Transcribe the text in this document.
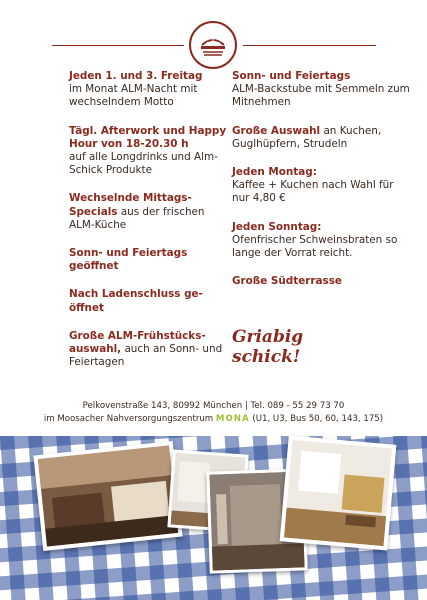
Jeden 1. und 3. Freitag
im Monat ALM-Nacht mit wechselndem Motto
Tägl. Afterwork und Happy Hour von 18-20.30 h
auf alle Longdrinks und Alm-Schick Produkte
Wechselnde Mittags-Specials aus der frischen ALM-Küche
Sonn- und Feiertags geöffnet
Nach Ladenschluss ge-öffnet
Große ALM-Frühstücks-auswahl, auch an Sonn- und Feiertagen
Sonn- und Feiertags
ALM-Backstube mit Semmeln zum Mitnehmen
Große Auswahl an Kuchen, Guglhüpfern, Strudeln
Jeden Montag:
Kaffee + Kuchen nach Wahl für nur 4,80 €
Jeden Sonntag:
Ofenfrischer Schweinsbraten so lange der Vorrat reicht.
Große Südterrasse
Griabig
schick!
Pelkovenstraße 143, 80992 München | Tel. 089 - 55 29 73 70
im Moosacher Nahversorgungszentrum MONA (U1, U3, Bus 50, 60, 143, 175)
